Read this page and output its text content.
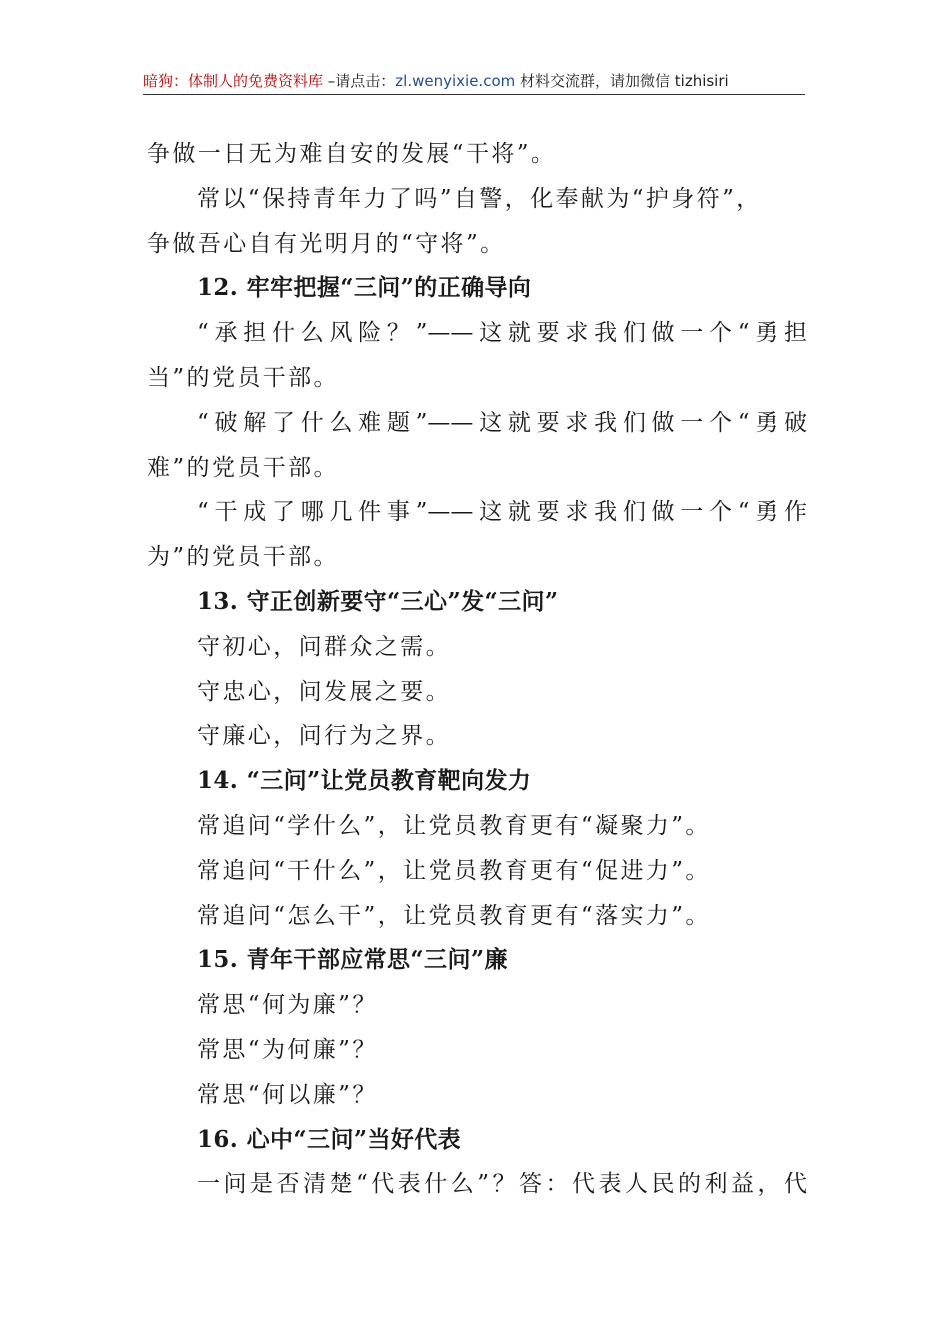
暗狗：体制人的免费资料库 –请点击：zl.wenyixie.com 材料交流群，请加微信 tizhisiri
争做一日无为难自安的发展“干将”。
常以“保持青年力了吗”自警，化奉献为“护身符”，
争做吾心自有光明月的“守将”。
12. 牢牢把握“三问”的正确导向
“承担什么风险？”——这就要求我们做一个“勇担
当”的党员干部。
“破解了什么难题”——这就要求我们做一个“勇破
难”的党员干部。
“干成了哪几件事”——这就要求我们做一个“勇作
为”的党员干部。
13. 守正创新要守“三心”发“三问”
守初心，问群众之需。
守忠心，问发展之要。
守廉心，问行为之界。
14. “三问”让党员教育靶向发力
常追问“学什么”，让党员教育更有“凝聚力”。
常追问“干什么”，让党员教育更有“促进力”。
常追问“怎么干”，让党员教育更有“落实力”。
15. 青年干部应常思“三问”廉
常思“何为廉”？
常思“为何廉”？
常思“何以廉”？
16. 心中“三问”当好代表
一问是否清楚“代表什么”？答：代表人民的利益，代
